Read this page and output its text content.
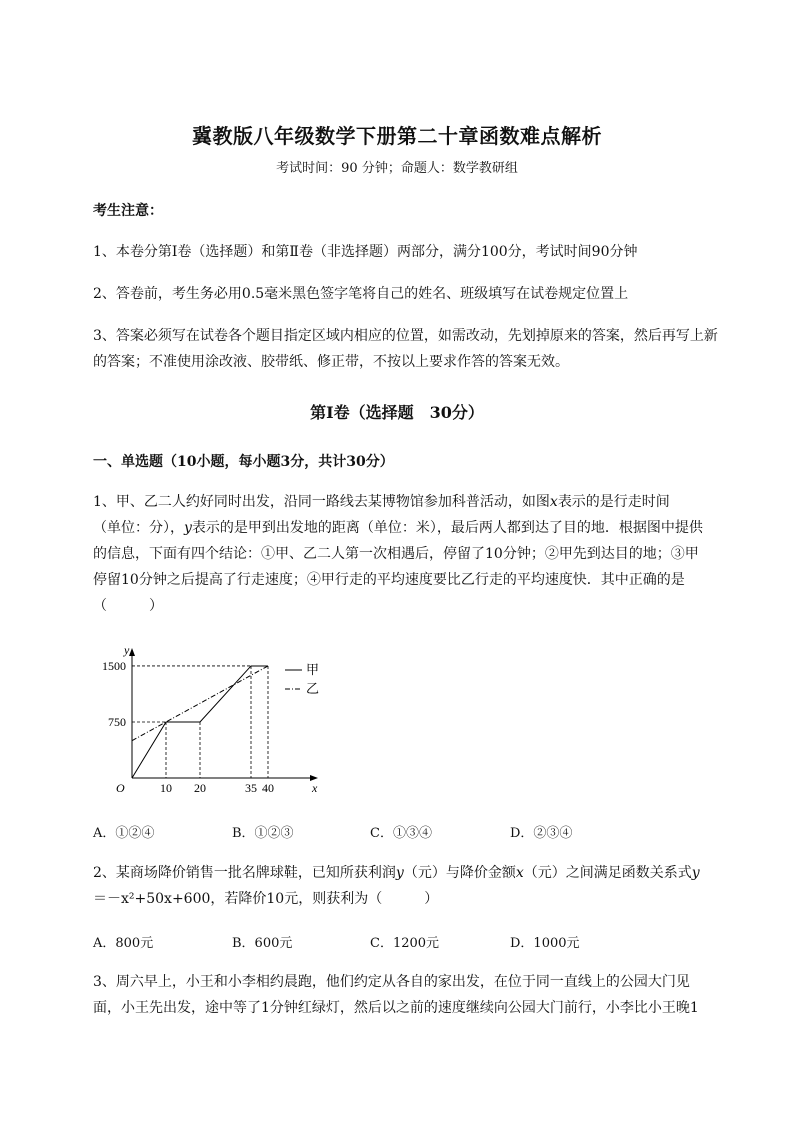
冀教版八年级数学下册第二十章函数难点解析
考试时间：90 分钟；命题人：数学教研组
考生注意：
1、本卷分第I卷（选择题）和第Ⅱ卷（非选择题）两部分，满分100分，考试时间90分钟
2、答卷前，考生务必用0.5毫米黑色签字笔将自己的姓名、班级填写在试卷规定位置上
3、答案必须写在试卷各个题目指定区域内相应的位置，如需改动，先划掉原来的答案，然后再写上新
的答案；不准使用涂改液、胶带纸、修正带，不按以上要求作答的答案无效。
第I卷（选择题　30分）
一、单选题（10小题，每小题3分，共计30分）
1、甲、乙二人约好同时出发，沿同一路线去某博物馆参加科普活动，如图x表示的是行走时间
（单位：分），y表示的是甲到出发地的距离（单位：米），最后两人都到达了目的地．根据图中提供
的信息，下面有四个结论：①甲、乙二人第一次相遇后，停留了10分钟；②甲先到达目的地；③甲
停留10分钟之后提高了行走速度；④甲行走的平均速度要比乙行走的平均速度快．其中正确的是
（　　　）
x
y
O
750
1500
10 20	35 40
甲
乙
A．①②④	B．①②③	C．①③④	D．②③④
2、某商场降价销售一批名牌球鞋，已知所获利润y（元）与降价金额x（元）之间满足函数关系式y
＝－x²+50x+600，若降价10元，则获利为（　　　）
A．800元	B．600元	C．1200元	D．1000元
3、周六早上，小王和小李相约晨跑，他们约定从各自的家出发，在位于同一直线上的公园大门见
面，小王先出发，途中等了1分钟红绿灯，然后以之前的速度继续向公园大门前行，小李比小王晚1
